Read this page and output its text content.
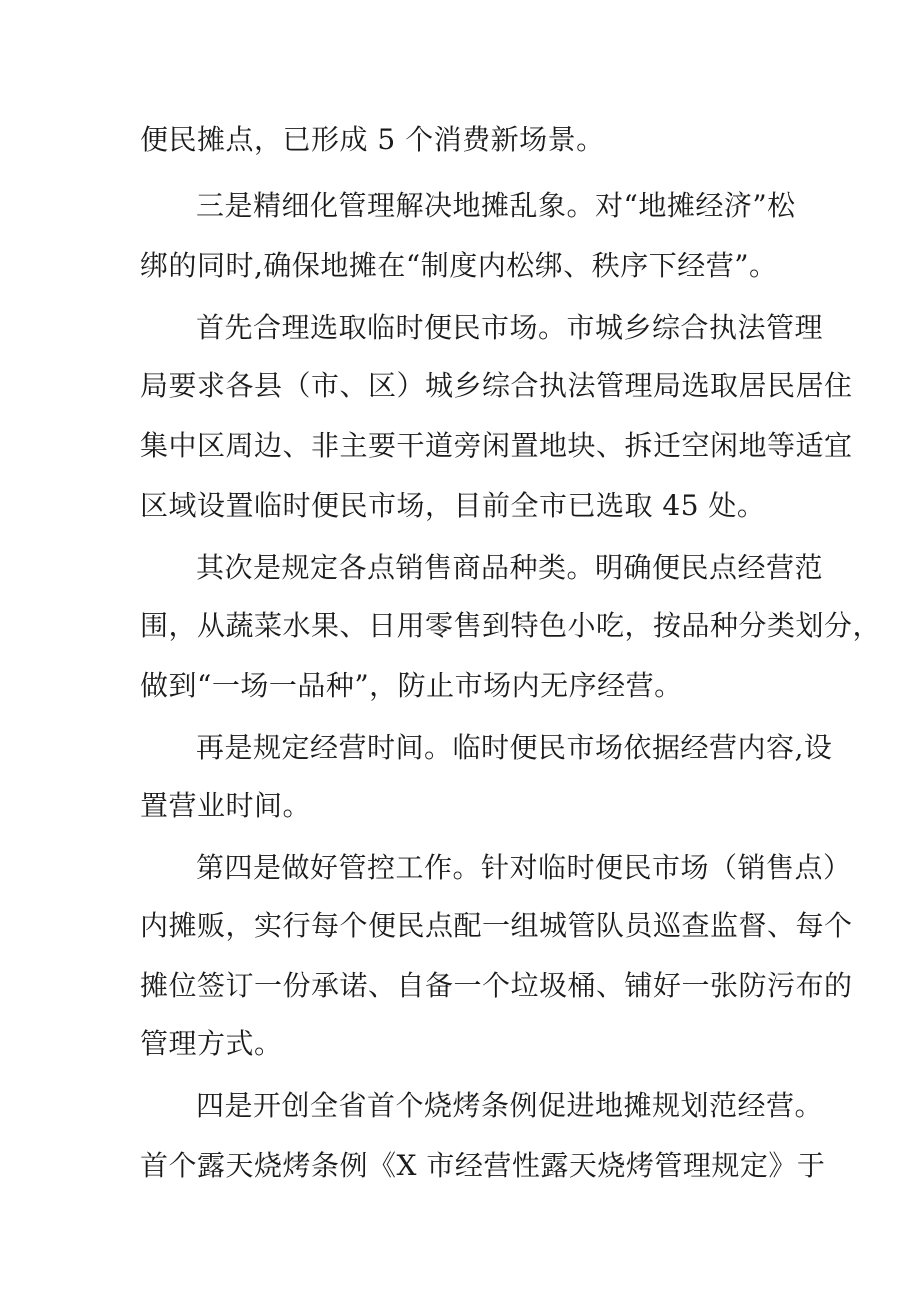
便民摊点，已形成 5 个消费新场景。
三是精细化管理解决地摊乱象。对“地摊经济”松
绑的同时,确保地摊在“制度内松绑、秩序下经营”。
首先合理选取临时便民市场。市城乡综合执法管理
局要求各县（市、区）城乡综合执法管理局选取居民居住
集中区周边、非主要干道旁闲置地块、拆迁空闲地等适宜
区域设置临时便民市场，目前全市已选取 45 处。
其次是规定各点销售商品种类。明确便民点经营范
围，从蔬菜水果、日用零售到特色小吃，按品种分类划分，
做到“一场一品种”，防止市场内无序经营。
再是规定经营时间。临时便民市场依据经营内容,设
置营业时间。
第四是做好管控工作。针对临时便民市场（销售点）
内摊贩，实行每个便民点配一组城管队员巡查监督、每个
摊位签订一份承诺、自备一个垃圾桶、铺好一张防污布的
管理方式。
四是开创全省首个烧烤条例促进地摊规划范经营。
首个露天烧烤条例《X 市经营性露天烧烤管理规定》于
